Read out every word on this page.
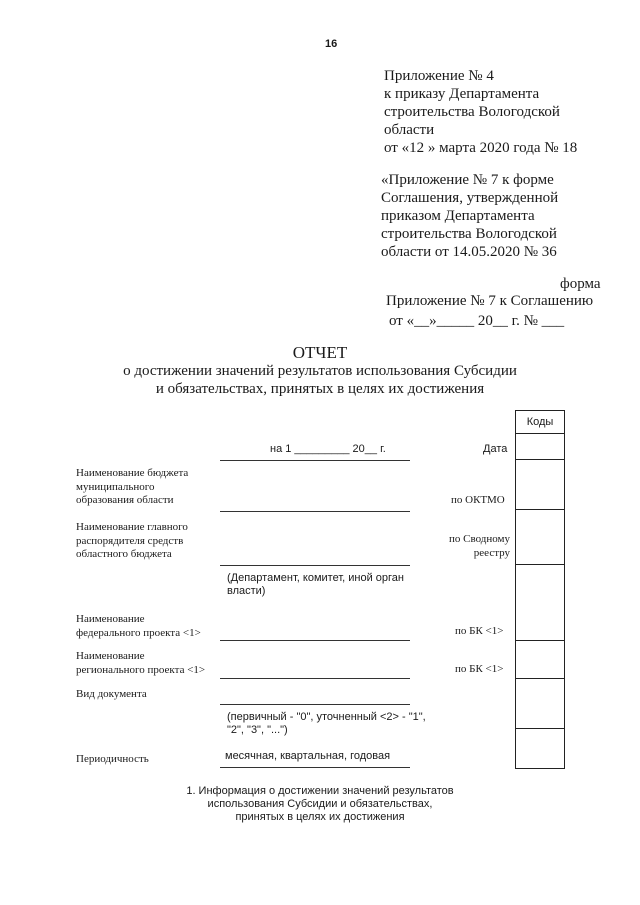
16
Приложение № 4
к приказу Департамента
строительства Вологодской
области
от «12 » марта 2020 года № 18
«Приложение № 7 к форме
Соглашения, утвержденной
приказом Департамента
строительства Вологодской
области от 14.05.2020 № 36
форма
Приложение № 7 к Соглашению
от «__»_____ 20__ г. № ___
ОТЧЕТ
о достижении значений результатов использования Субсидии
и обязательствах, принятых в целях их достижения
Коды
на 1 _________ 20__ г.	Дата
Наименование бюджета
муниципального
образования области	по ОКТМО
Наименование главного
распорядителя средств
областного бюджета
по Сводному
реестру
(Департамент, комитет, иной орган
власти)
Наименование
федерального проекта <1>	по БК <1>
Наименование
регионального проекта <1>	по БК <1>
Вид документа
(первичный - "0", уточненный <2> - "1",
"2", "3", "...")
Периодичность	месячная, квартальная, годовая
1. Информация о достижении значений результатов
использования Субсидии и обязательствах,
принятых в целях их достижения
